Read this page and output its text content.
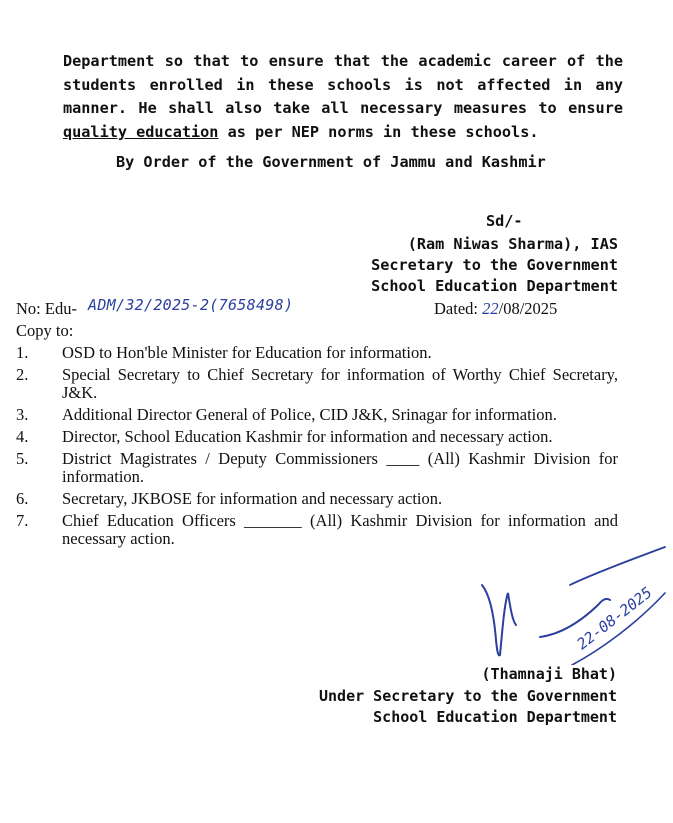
Department so that to ensure that the academic career of the
students enrolled in these schools is not affected in any
manner. He shall also take all necessary measures to ensure
quality education as per NEP norms in these schools.
By Order of the Government of Jammu and Kashmir
Sd/-
(Ram Niwas Sharma), IAS
Secretary to the Government
School Education Department
No: Edu- ADM/32/2025-2(7658498)	Dated: 22/08/2025
Copy to:
1. OSD to Hon'ble Minister for Education for information.
2. Special Secretary to Chief Secretary for information of Worthy Chief Secretary, J&K.
3. Additional Director General of Police, CID J&K, Srinagar for information.
4. Director, School Education Kashmir for information and necessary action.
5. District Magistrates / Deputy Commissioners ____ (All) Kashmir Division for information.
6. Secretary, JKBOSE for information and necessary action.
7. Chief Education Officers _______ (All) Kashmir Division for information and necessary action.
22-08-2025
(Thamnaji Bhat)
Under Secretary to the Government
School Education Department
